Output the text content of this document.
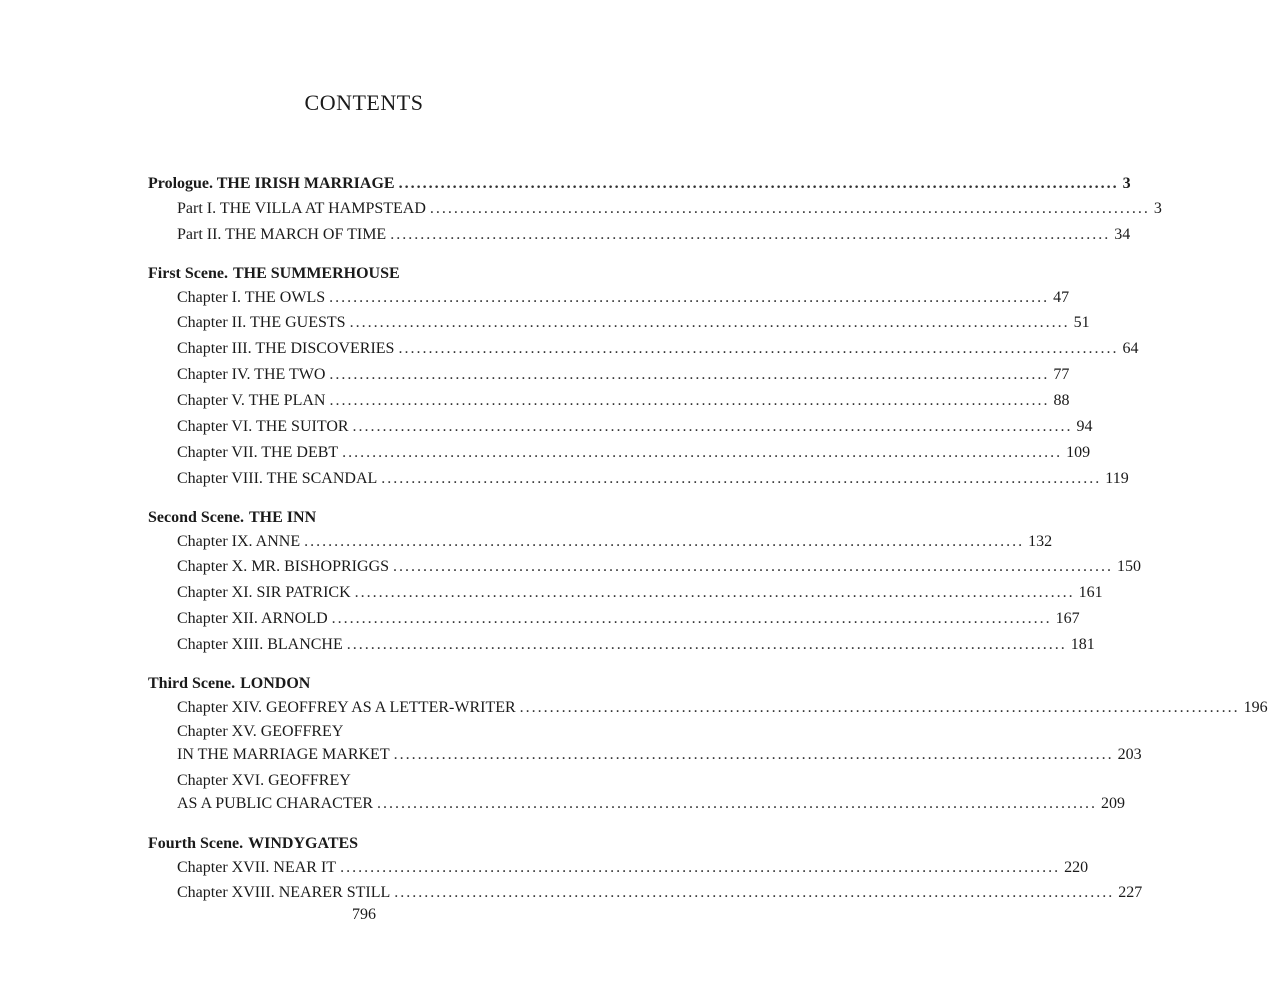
CONTENTS
Prologue. THE IRISH MARRIAGE ........................................................................................................................ 3
Part I. THE VILLA AT HAMPSTEAD ........................................................................................................................ 3
Part II. THE MARCH OF TIME ........................................................................................................................ 34
First Scene. THE SUMMERHOUSE
Chapter I. THE OWLS ........................................................................................................................ 47
Chapter II. THE GUESTS ........................................................................................................................ 51
Chapter III. THE DISCOVERIES ........................................................................................................................ 64
Chapter IV. THE TWO ........................................................................................................................ 77
Chapter V. THE PLAN ........................................................................................................................ 88
Chapter VI. THE SUITOR ........................................................................................................................ 94
Chapter VII. THE DEBT ........................................................................................................................ 109
Chapter VIII. THE SCANDAL ........................................................................................................................ 119
Second Scene. THE INN
Chapter IX. ANNE ........................................................................................................................ 132
Chapter X. MR. BISHOPRIGGS ........................................................................................................................ 150
Chapter XI. SIR PATRICK ........................................................................................................................ 161
Chapter XII. ARNOLD ........................................................................................................................ 167
Chapter XIII. BLANCHE ........................................................................................................................ 181
Third Scene. LONDON
Chapter XIV. GEOFFREY AS A LETTER-WRITER ........................................................................................................................ 196
Chapter XV. GEOFFREY
IN THE MARRIAGE MARKET ........................................................................................................................ 203
Chapter XVI. GEOFFREY
AS A PUBLIC CHARACTER ........................................................................................................................ 209
Fourth Scene. WINDYGATES
Chapter XVII. NEAR IT ........................................................................................................................ 220
Chapter XVIII. NEARER STILL ........................................................................................................................ 227
796
